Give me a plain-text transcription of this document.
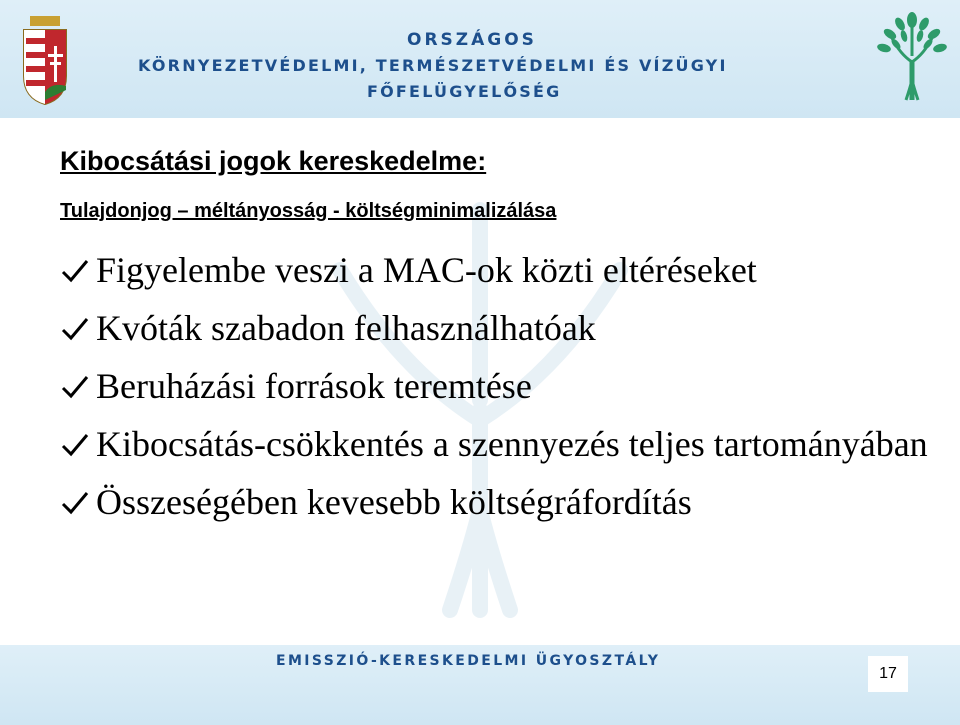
ORSZÁGOS
KÖRNYEZETVÉDELMI, TERMÉSZETVÉDELMI ÉS VÍZÜGYI
FŐFELÜGYELŐSÉG
Kibocsátási jogok kereskedelme:
Tulajdonjog – méltányosság - költségminimalizálása
Figyelembe veszi a MAC-ok közti eltéréseket
Kvóták szabadon felhasználhatóak
Beruházási források teremtése
Kibocsátás-csökkentés a szennyezés teljes tartományában
Összeségében kevesebb költségráfordítás
EMISSZIÓ-KERESKEDELMI ÜGYOSZTÁLY
17
